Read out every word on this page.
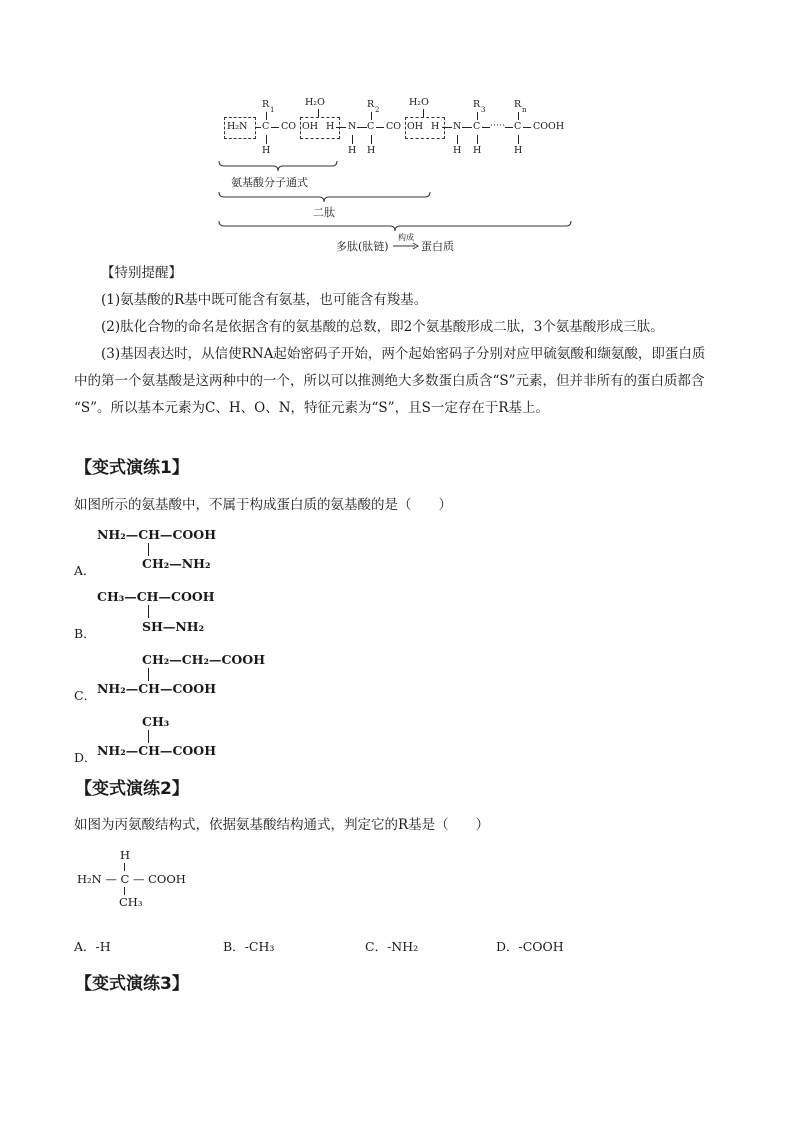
R 1
H₂O	R 2
H₂O	R 3	R n
H₂N C CO OH H N C CO OH H N C ····· C COOH
H	H H	H H	H
氨基酸分子通式
二肽
多肽(肽链)
构成
蛋白质
【特别提醒】
(1)氨基酸的R基中既可能含有氨基，也可能含有羧基。
(2)肽化合物的命名是依据含有的氨基酸的总数，即2个氨基酸形成二肽，3个氨基酸形成三肽。
(3)基因表达时，从信使RNA起始密码子开始，两个起始密码子分别对应甲硫氨酸和缬氨酸，即蛋白质
中的第一个氨基酸是这两种中的一个，所以可以推测绝大多数蛋白质含“S”元素，但并非所有的蛋白质都含
“S”。所以基本元素为C、H、O、N，特征元素为“S”，且S一定存在于R基上。
【变式演练1】
如图所示的氨基酸中，不属于构成蛋白质的氨基酸的是（　　）
NH₂—CH—COOH
A．	CH₂—NH₂
CH₃—CH—COOH
B．	SH—NH₂
CH₂—CH₂—COOH
C． NH₂—CH—COOH
CH₃
D． NH₂—CH—COOH
【变式演练2】
如图为丙氨酸结构式，依据氨基酸结构通式，判定它的R基是（　　）
H
H₂N — C — COOH
CH₃
A．-H	B．-CH₃	C．-NH₂	D．-COOH
【变式演练3】
